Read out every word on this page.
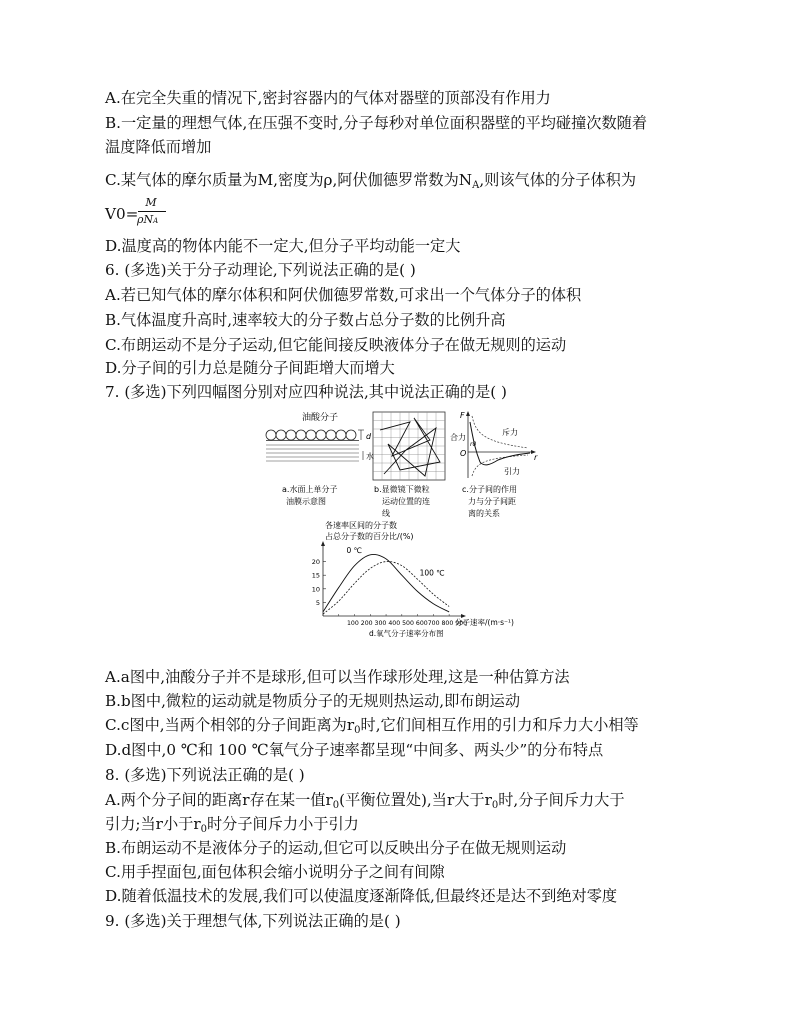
A.在完全失重的情况下,密封容器内的气体对器壁的顶部没有作用力
B.一定量的理想气体,在压强不变时,分子每秒对单位面积器壁的平均碰撞次数随着
温度降低而增加
C.某气体的摩尔质量为M,密度为ρ,阿伏伽德罗常数为$N_A$,则该气体的分子体积为
V0=
M
ρNA
D.温度高的物体内能不一定大,但分子平均动能一定大
6. (多选)关于分子动理论,下列说法正确的是( )
A.若已知气体的摩尔体积和阿伏伽德罗常数,可求出一个气体分子的体积
B.气体温度升高时,速率较大的分子数占总分子数的比例升高
C.布朗运动不是分子运动,但它能间接反映液体分子在做无规则的运动
D.分子间的引力总是随分子间距增大而增大
7. (多选)下列四幅图分别对应四种说法,其中说法正确的是( )
油酸分子
d
水
a.水面上单分子
油膜示意图
b.显微镜下微粒
运动位置的连
线
F
r
O
r0
合力
斥力
引力
c.分子间的作用
力与分子间距
离的关系
各速率区间的分子数
占总分子数的百分比/(%)
5
10
15
20
0 ℃
100 ℃
100 200 300 400 500 600700 800 900
分子速率/(m·s⁻¹)
d.氧气分子速率分布图
A.a图中,油酸分子并不是球形,但可以当作球形处理,这是一种估算方法
B.b图中,微粒的运动就是物质分子的无规则热运动,即布朗运动
C.c图中,当两个相邻的分子间距离为$r_0$时,它们间相互作用的引力和斥力大小相等
D.d图中,0 ℃和 100 ℃氧气分子速率都呈现“中间多、两头少”的分布特点
8. (多选)下列说法正确的是( )
A.两个分子间的距离r存在某一值$r_0$(平衡位置处),当r大于$r_0$时,分子间斥力大于
引力;当r小于$r_0$时分子间斥力小于引力
B.布朗运动不是液体分子的运动,但它可以反映出分子在做无规则运动
C.用手捏面包,面包体积会缩小说明分子之间有间隙
D.随着低温技术的发展,我们可以使温度逐渐降低,但最终还是达不到绝对零度
9. (多选)关于理想气体,下列说法正确的是( )
